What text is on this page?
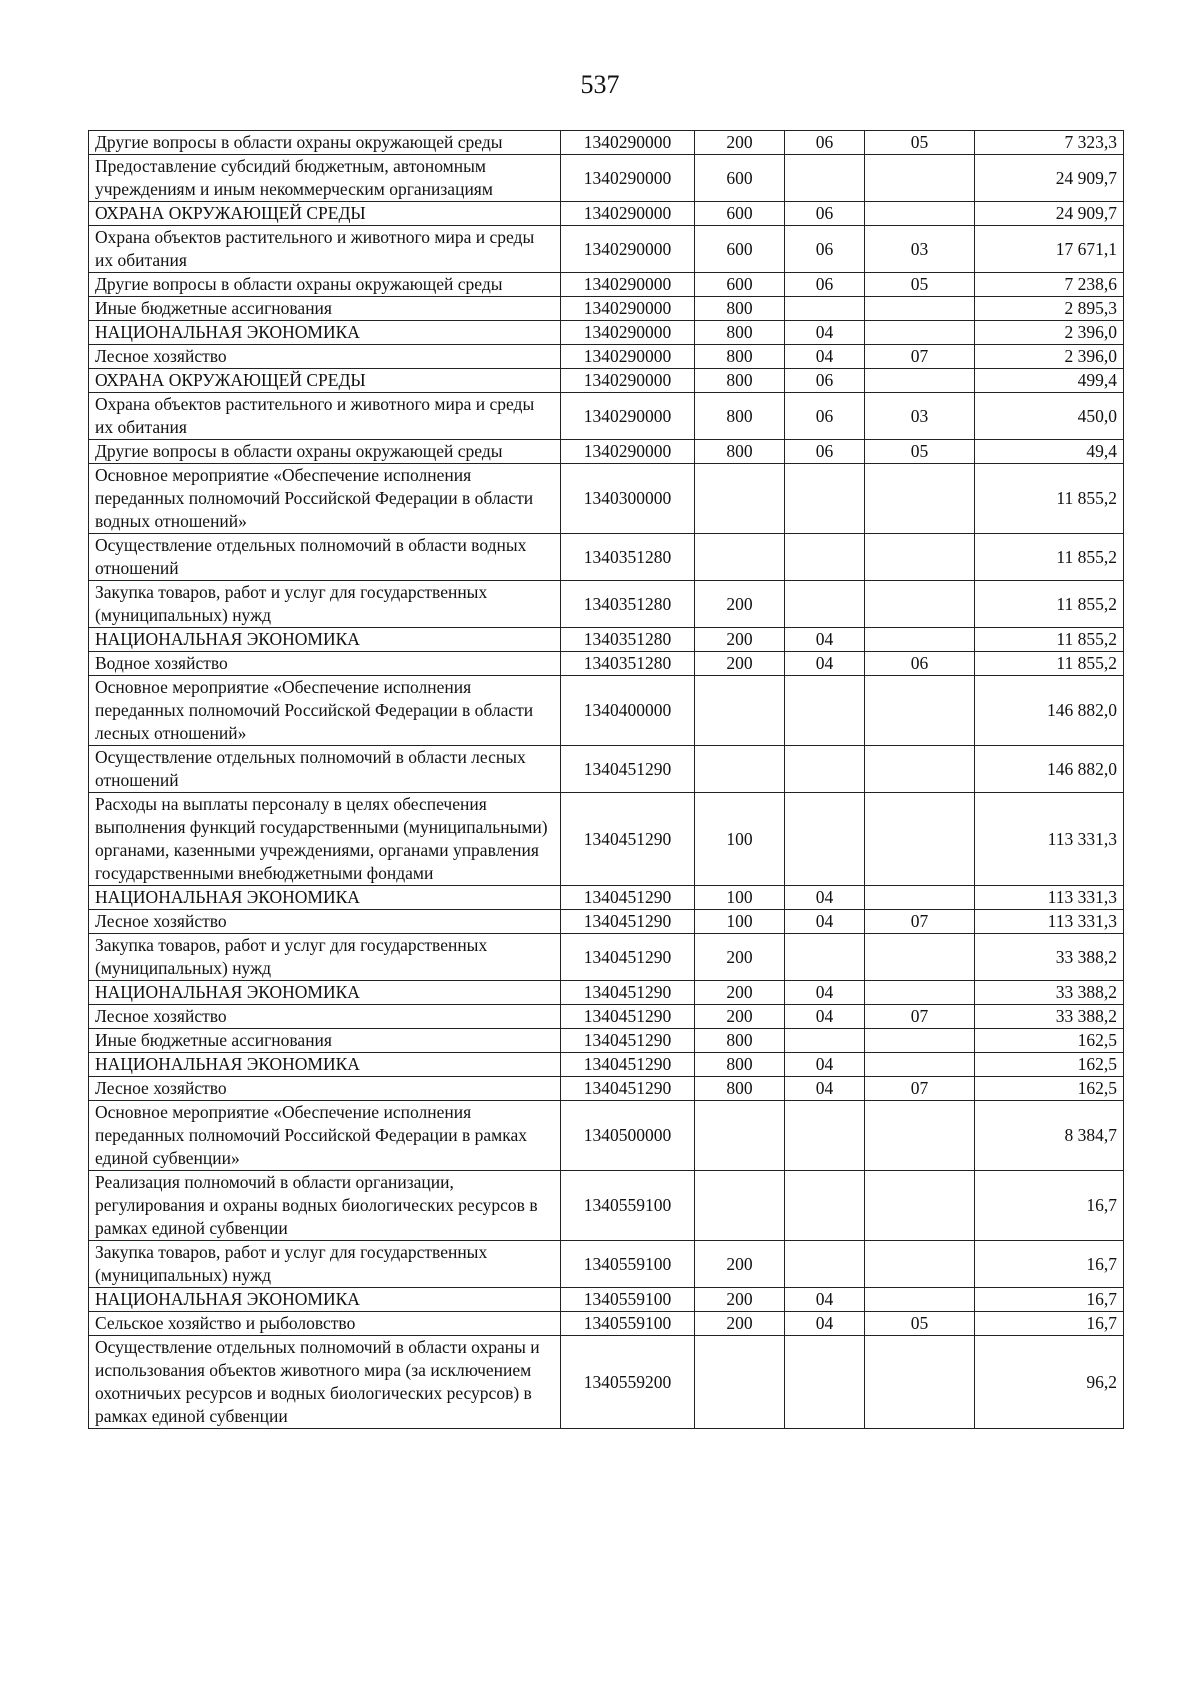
537
Другие вопросы в области охраны окружающей среды	1340290000	200	06	05	7 323,3
Предоставление субсидий бюджетным, автономным учреждениям и иным некоммерческим организациям	1340290000	600			24 909,7
ОХРАНА ОКРУЖАЮЩЕЙ СРЕДЫ	1340290000	600	06		24 909,7
Охрана объектов растительного и животного мира и среды их обитания	1340290000	600	06	03	17 671,1
Другие вопросы в области охраны окружающей среды	1340290000	600	06	05	7 238,6
Иные бюджетные ассигнования	1340290000	800			2 895,3
НАЦИОНАЛЬНАЯ ЭКОНОМИКА	1340290000	800	04		2 396,0
Лесное хозяйство	1340290000	800	04	07	2 396,0
ОХРАНА ОКРУЖАЮЩЕЙ СРЕДЫ	1340290000	800	06		499,4
Охрана объектов растительного и животного мира и среды их обитания	1340290000	800	06	03	450,0
Другие вопросы в области охраны окружающей среды	1340290000	800	06	05	49,4
Основное мероприятие «Обеспечение исполнения переданных полномочий Российской Федерации в области водных отношений»	1340300000				11 855,2
Осуществление отдельных полномочий в области водных отношений	1340351280				11 855,2
Закупка товаров, работ и услуг для государственных (муниципальных) нужд	1340351280	200			11 855,2
НАЦИОНАЛЬНАЯ ЭКОНОМИКА	1340351280	200	04		11 855,2
Водное хозяйство	1340351280	200	04	06	11 855,2
Основное мероприятие «Обеспечение исполнения переданных полномочий Российской Федерации в области лесных отношений»	1340400000				146 882,0
Осуществление отдельных полномочий в области лесных отношений	1340451290				146 882,0
Расходы на выплаты персоналу в целях обеспечения выполнения функций государственными (муниципальными) органами, казенными учреждениями, органами управления государственными внебюджетными фондами	1340451290	100			113 331,3
НАЦИОНАЛЬНАЯ ЭКОНОМИКА	1340451290	100	04		113 331,3
Лесное хозяйство	1340451290	100	04	07	113 331,3
Закупка товаров, работ и услуг для государственных (муниципальных) нужд	1340451290	200			33 388,2
НАЦИОНАЛЬНАЯ ЭКОНОМИКА	1340451290	200	04		33 388,2
Лесное хозяйство	1340451290	200	04	07	33 388,2
Иные бюджетные ассигнования	1340451290	800			162,5
НАЦИОНАЛЬНАЯ ЭКОНОМИКА	1340451290	800	04		162,5
Лесное хозяйство	1340451290	800	04	07	162,5
Основное мероприятие «Обеспечение исполнения переданных полномочий Российской Федерации в рамках единой субвенции»	1340500000				8 384,7
Реализация полномочий в области организации, регулирования и охраны водных биологических ресурсов в рамках единой субвенции	1340559100				16,7
Закупка товаров, работ и услуг для государственных (муниципальных) нужд	1340559100	200			16,7
НАЦИОНАЛЬНАЯ ЭКОНОМИКА	1340559100	200	04		16,7
Сельское хозяйство и рыболовство	1340559100	200	04	05	16,7
Осуществление отдельных полномочий в области охраны и использования объектов животного мира (за исключением охотничьих ресурсов и водных биологических ресурсов) в рамках единой субвенции	1340559200				96,2
